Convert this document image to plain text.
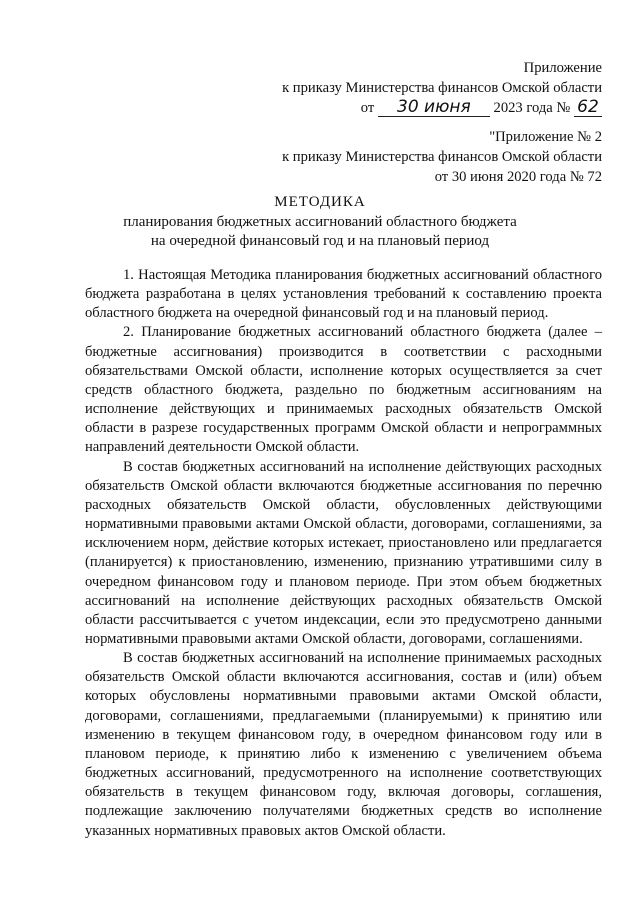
Приложение
к приказу Министерства финансов Омской области
от 30 июня 2023 года № 62
"Приложение № 2
к приказу Министерства финансов Омской области
от 30 июня 2020 года № 72
МЕТОДИКА
планирования бюджетных ассигнований областного бюджета
на очередной финансовый год и на плановый период

1. Настоящая Методика планирования бюджетных ассигнований областного бюджета разработана в целях установления требований к составлению проекта областного бюджета на очередной финансовый год и на плановый период.

2. Планирование бюджетных ассигнований областного бюджета (далее – бюджетные ассигнования) производится в соответствии с расходными обязательствами Омской области, исполнение которых осуществляется за счет средств областного бюджета, раздельно по бюджетным ассигнованиям на исполнение действующих и принимаемых расходных обязательств Омской области в разрезе государственных программ Омской области и непрограммных направлений деятельности Омской области.

В состав бюджетных ассигнований на исполнение действующих расходных обязательств Омской области включаются бюджетные ассигнования по перечню расходных обязательств Омской области, обусловленных действующими нормативными правовыми актами Омской области, договорами, соглашениями, за исключением норм, действие которых истекает, приостановлено или предлагается (планируется) к приостановлению, изменению, признанию утратившими силу в очередном финансовом году и плановом периоде. При этом объем бюджетных ассигнований на исполнение действующих расходных обязательств Омской области рассчитывается с учетом индексации, если это предусмотрено данными нормативными правовыми актами Омской области, договорами, соглашениями.

В состав бюджетных ассигнований на исполнение принимаемых расходных обязательств Омской области включаются ассигнования, состав и (или) объем которых обусловлены нормативными правовыми актами Омской области, договорами, соглашениями, предлагаемыми (планируемыми) к принятию или изменению в текущем финансовом году, в очередном финансовом году или в плановом периоде, к принятию либо к изменению с увеличением объема бюджетных ассигнований, предусмотренного на исполнение соответствующих обязательств в текущем финансовом году, включая договоры, соглашения, подлежащие заключению получателями бюджетных средств во исполнение указанных нормативных правовых актов Омской области.
